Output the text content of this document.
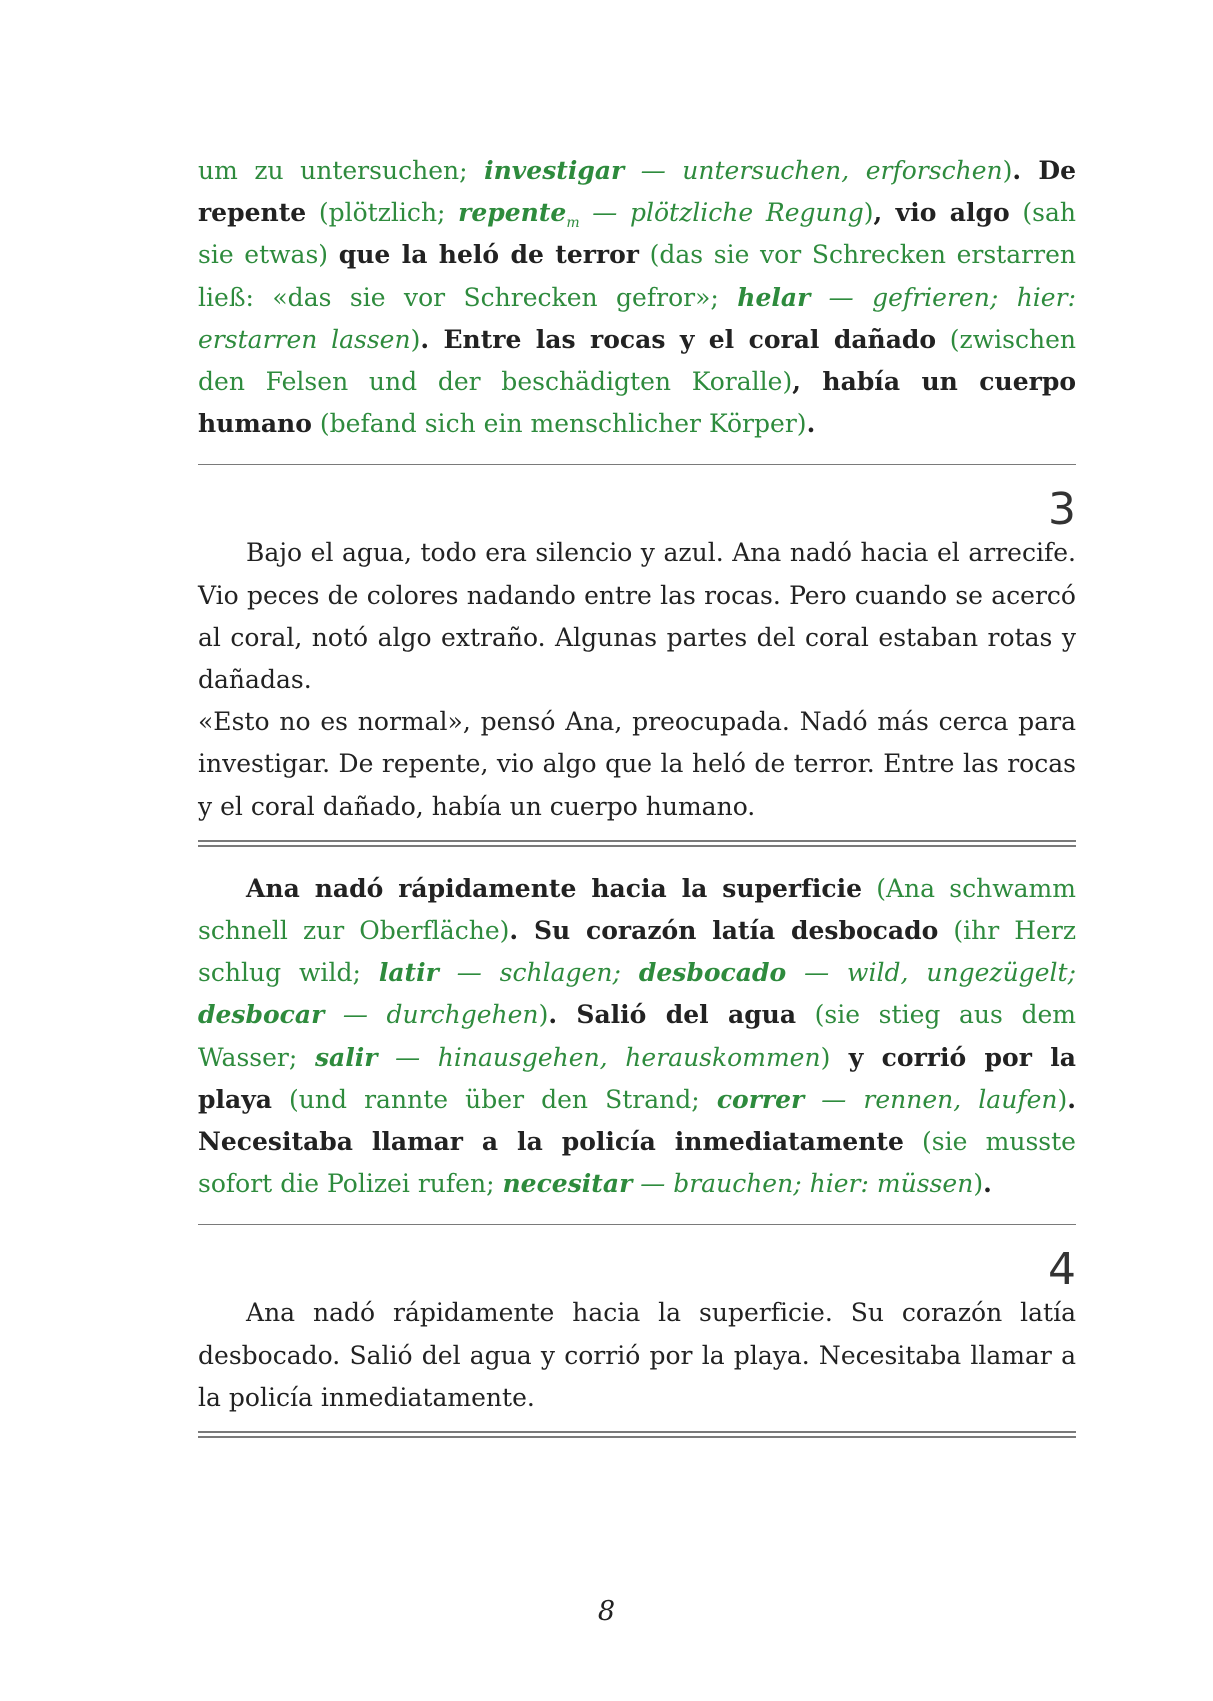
um zu untersuchen; investigar — untersuchen, erforschen). De repente (plötzlich; repente$_m$ — plötzliche Regung), vio algo (sah sie etwas) que la heló de terror (das sie vor Schrecken erstarren ließ: «das sie vor Schrecken gefror»; helar — gefrieren; hier: erstarren lassen). Entre las rocas y el coral dañado (zwischen den Felsen und der beschädigten Koralle), había un cuerpo humano (befand sich ein menschlicher Körper).

3

Bajo el agua, todo era silencio y azul. Ana nadó hacia el arrecife. Vio peces de colores nadando entre las rocas. Pero cuando se acercó al coral, notó algo extraño. Algunas partes del coral estaban rotas y dañadas.

«Esto no es normal», pensó Ana, preocupada. Nadó más cerca para investigar. De repente, vio algo que la heló de terror. Entre las rocas y el coral dañado, había un cuerpo humano.

Ana nadó rápidamente hacia la superficie (Ana schwamm schnell zur Oberfläche). Su corazón latía desbocado (ihr Herz schlug wild; latir — schlagen; desbocado — wild, ungezügelt; desbocar — durchgehen). Salió del agua (sie stieg aus dem Wasser; salir — hinausgehen, herauskommen) y corrió por la playa (und rannte über den Strand; correr — rennen, laufen). Necesitaba llamar a la policía inmediatamente (sie musste sofort die Polizei rufen; necesitar — brauchen; hier: müssen).

4

Ana nadó rápidamente hacia la superficie. Su corazón latía desbocado. Salió del agua y corrió por la playa. Necesitaba llamar a la policía inmediatamente.

8
